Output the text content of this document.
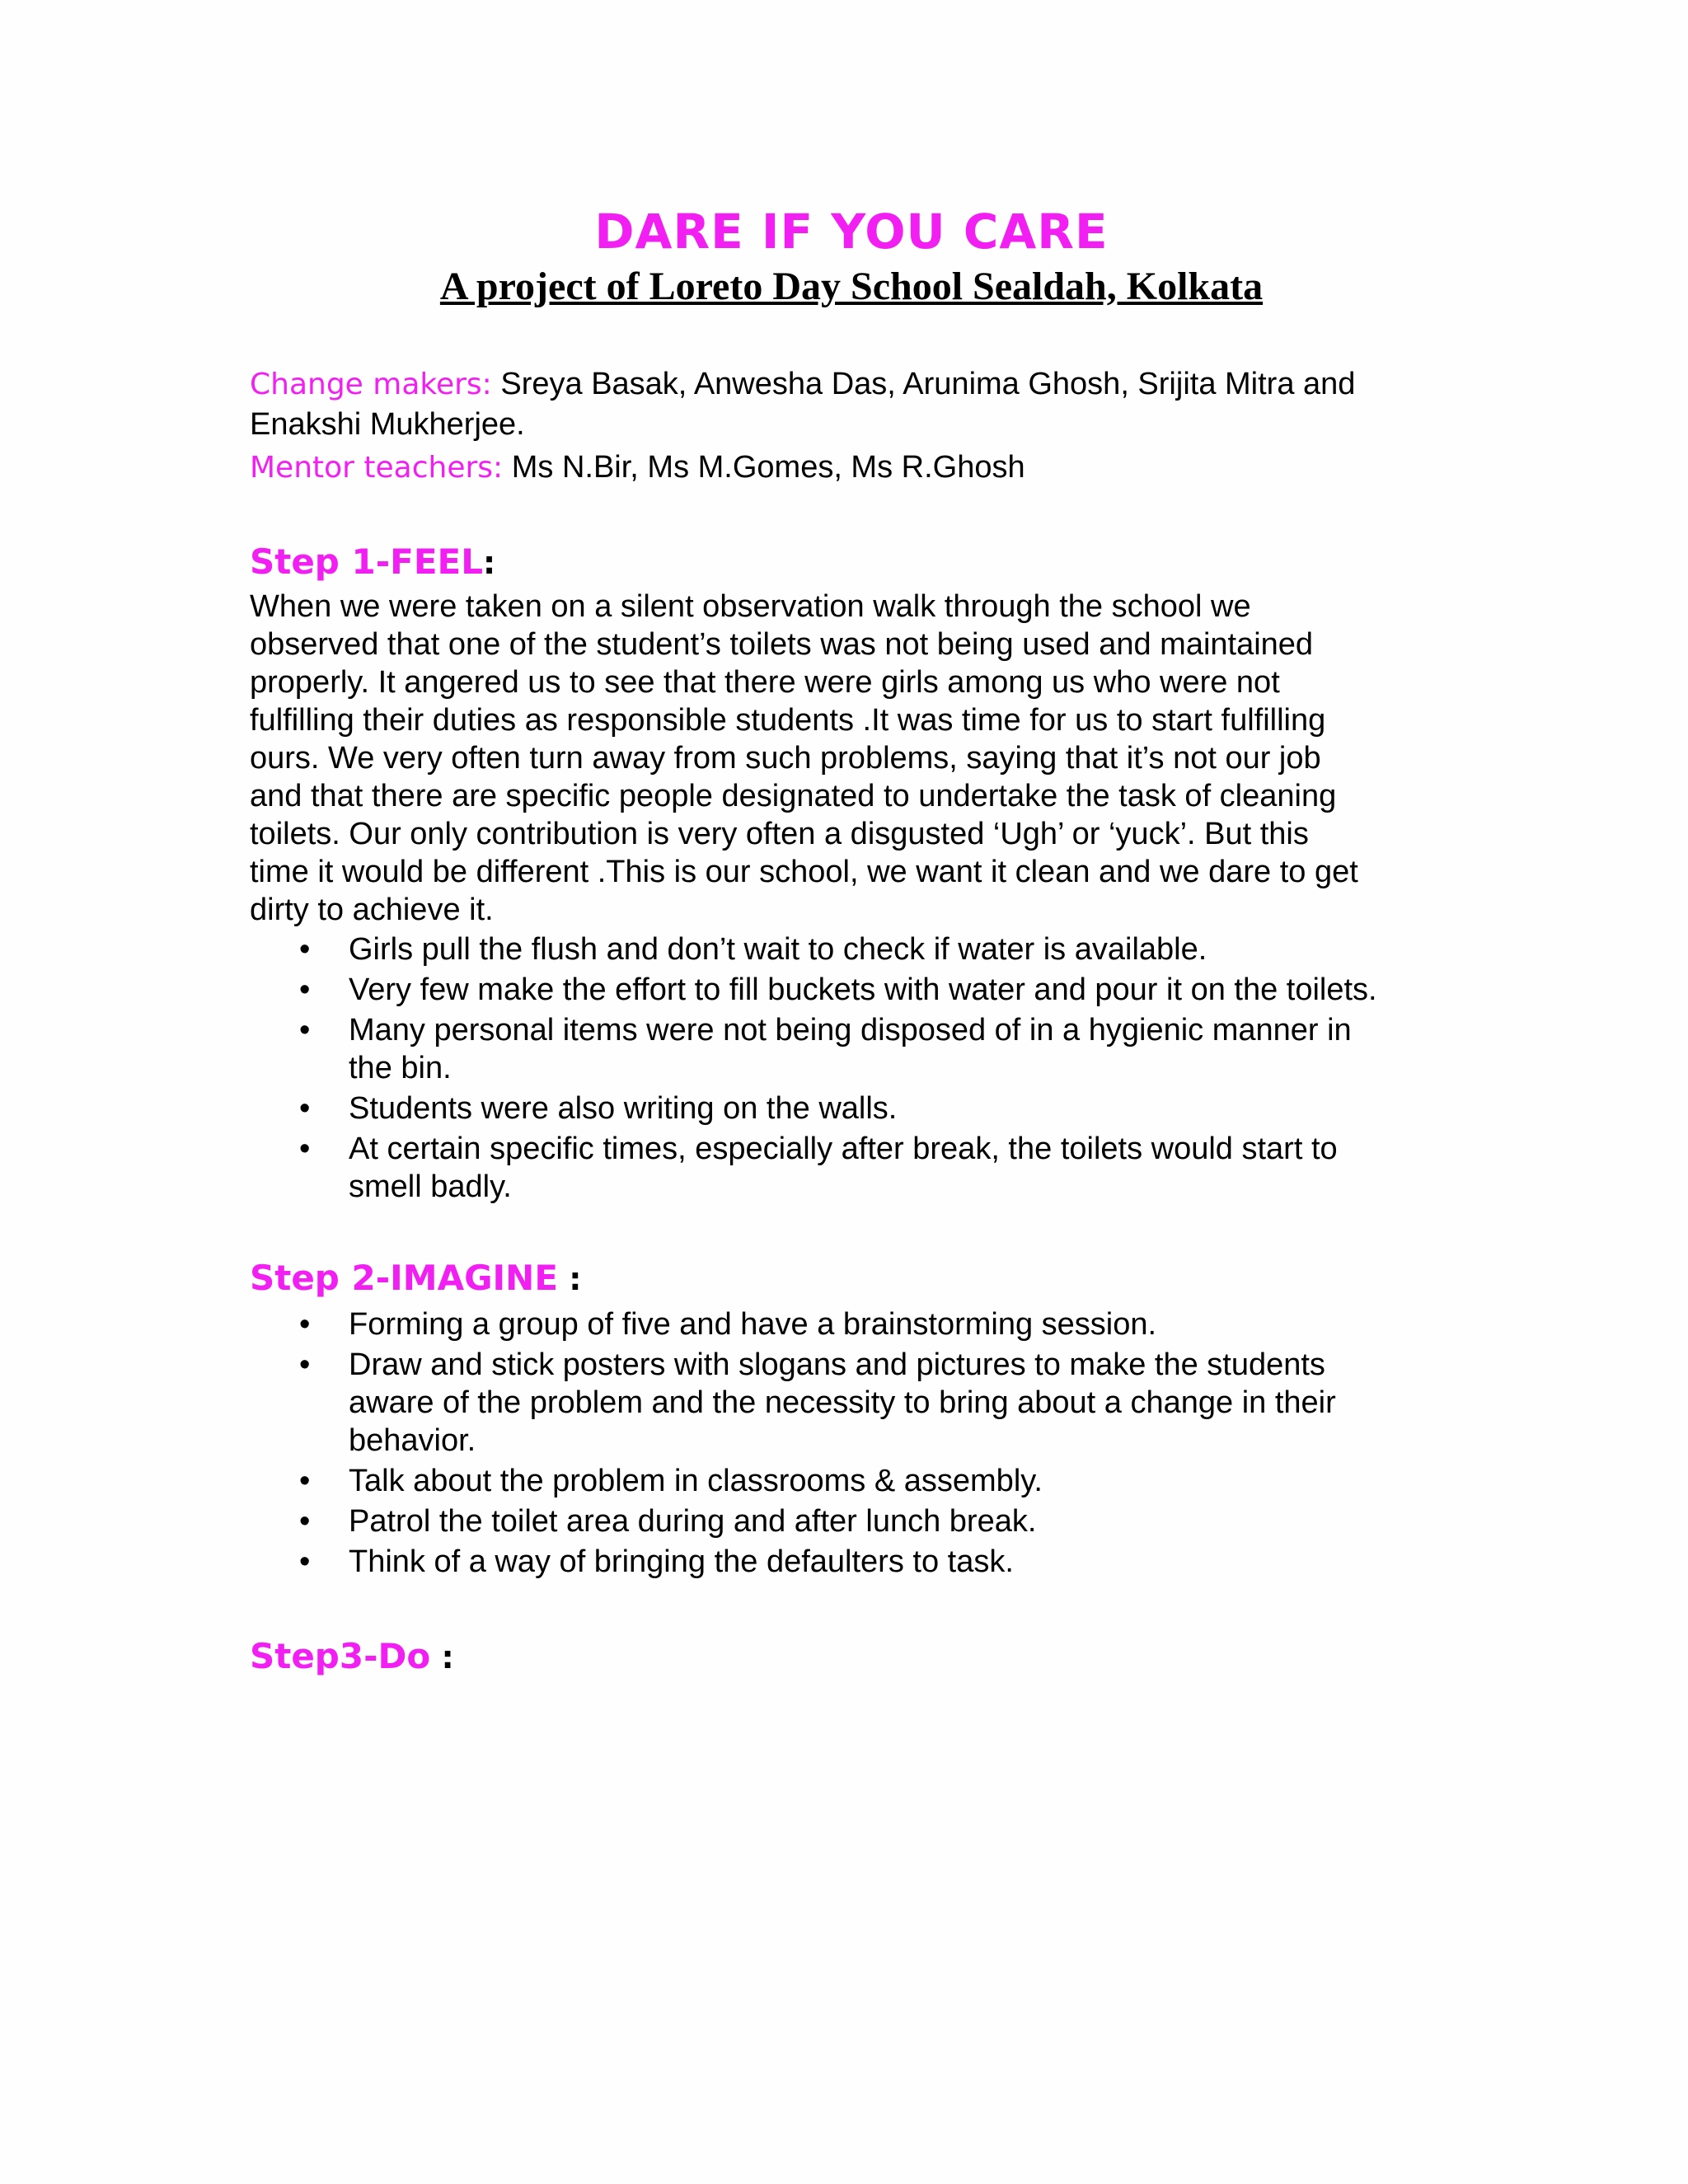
DARE IF YOU CARE
A project of Loreto Day School Sealdah, Kolkata

Change makers: Sreya Basak, Anwesha Das, Arunima Ghosh, Srijita Mitra and

Enakshi Mukherjee.

Mentor teachers: Ms N.Bir, Ms M.Gomes, Ms R.Ghosh

Step 1-FEEL:

When we were taken on a silent observation walk through the school we

observed that one of the student’s toilets was not being used and maintained

properly. It angered us to see that there were girls among us who were not

fulfilling their duties as responsible students .It was time for us to start fulfilling

ours. We very often turn away from such problems, saying that it’s not our job

and that there are specific people designated to undertake the task of cleaning

toilets. Our only contribution is very often a disgusted ‘Ugh’ or ‘yuck’. But this

time it would be different .This is our school, we want it clean and we dare to get

dirty to achieve it.

• Girls pull the flush and don’t wait to check if water is available.
• Very few make the effort to fill buckets with water and pour it on the toilets.
• Many personal items were not being disposed of in a hygienic manner in
the bin.
• Students were also writing on the walls.
• At certain specific times, especially after break, the toilets would start to
smell badly.

Step 2-IMAGINE :

• Forming a group of five and have a brainstorming session.
• Draw and stick posters with slogans and pictures to make the students
aware of the problem and the necessity to bring about a change in their
behavior.
• Talk about the problem in classrooms & assembly.
• Patrol the toilet area during and after lunch break.
• Think of a way of bringing the defaulters to task.

Step3-Do :
